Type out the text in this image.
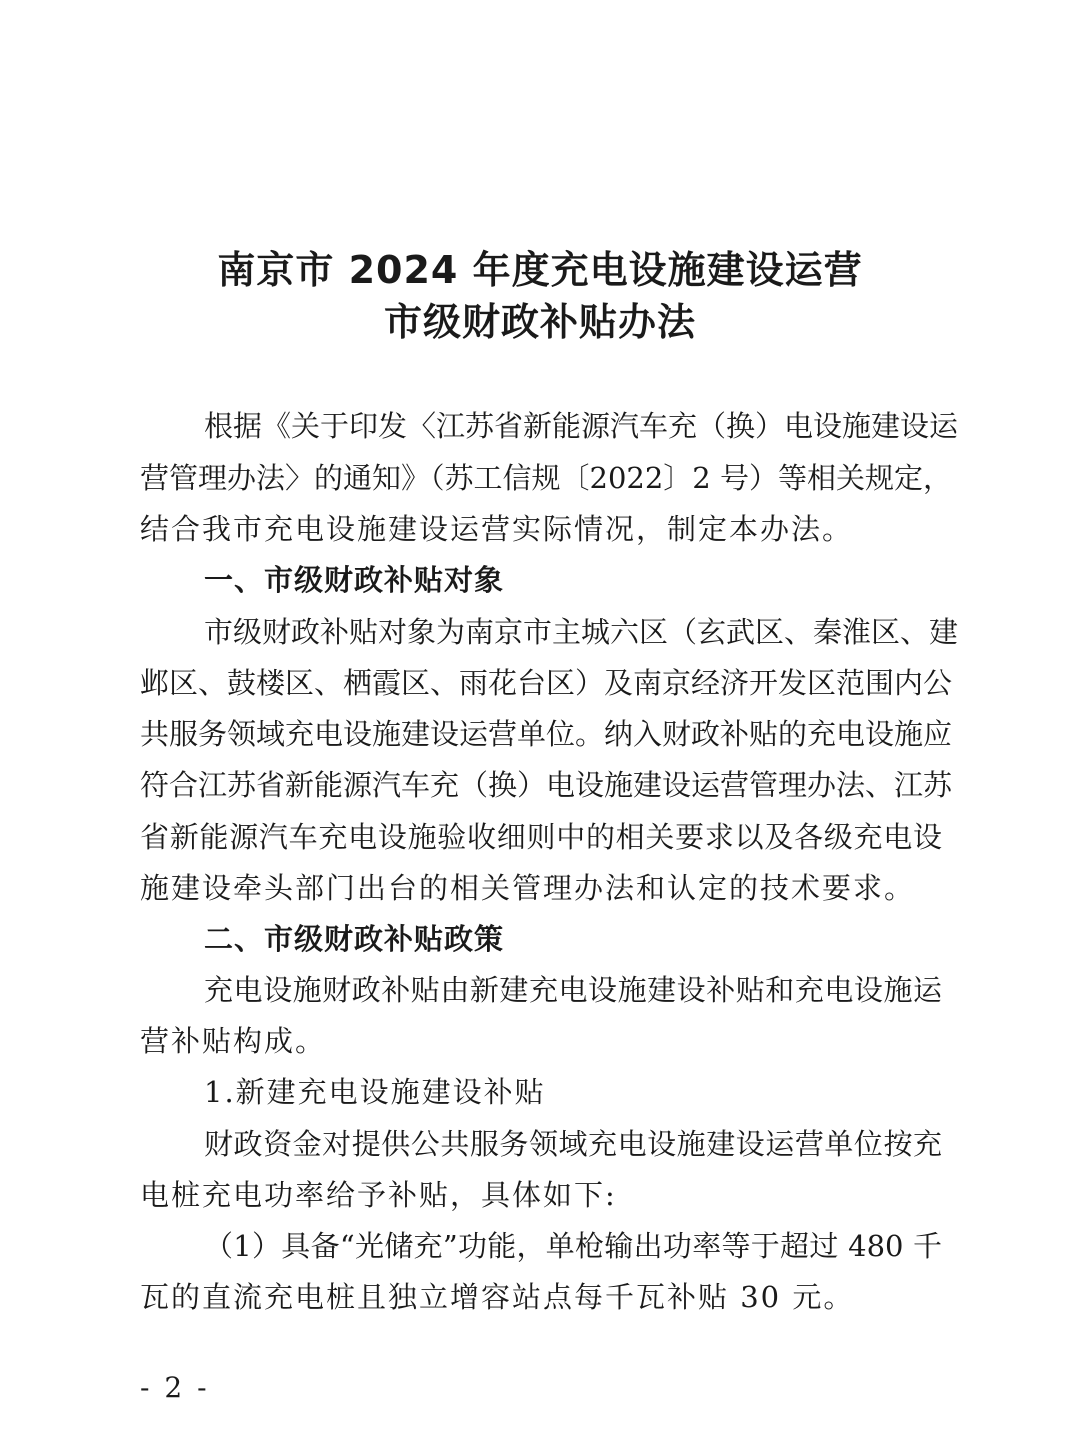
南京市 2024 年度充电设施建设运营
市级财政补贴办法

根据《关于印发〈江苏省新能源汽车充（换）电设施建设运

营管理办法〉的通知》（苏工信规〔2022〕2 号）等相关规定，

结合我市充电设施建设运营实际情况，制定本办法。

一、市级财政补贴对象

市级财政补贴对象为南京市主城六区（玄武区、秦淮区、建

邺区、鼓楼区、栖霞区、雨花台区）及南京经济开发区范围内公

共服务领域充电设施建设运营单位。纳入财政补贴的充电设施应

符合江苏省新能源汽车充（换）电设施建设运营管理办法、江苏

省新能源汽车充电设施验收细则中的相关要求以及各级充电设

施建设牵头部门出台的相关管理办法和认定的技术要求。

二、市级财政补贴政策

充电设施财政补贴由新建充电设施建设补贴和充电设施运

营补贴构成。

1.新建充电设施建设补贴

财政资金对提供公共服务领域充电设施建设运营单位按充

电桩充电功率给予补贴，具体如下:

（1）具备“光储充”功能，单枪输出功率等于超过 480 千

瓦的直流充电桩且独立增容站点每千瓦补贴 30 元。

- 2 -
